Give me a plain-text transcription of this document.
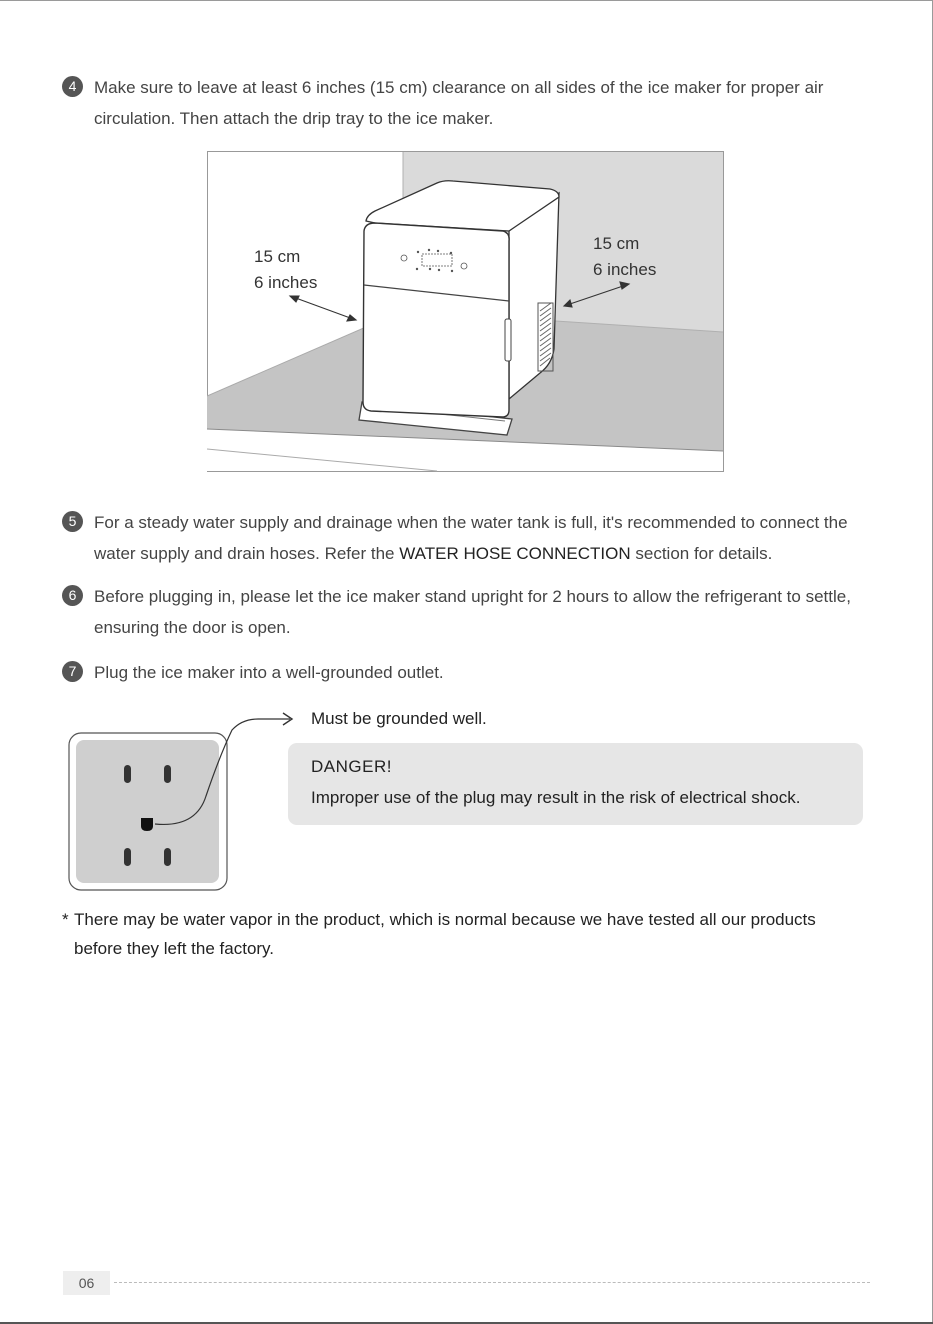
4	Make sure to leave at least 6 inches (15 cm) clearance on all sides of the ice maker for proper air circulation. Then attach the drip tray to the ice maker.

15 cm

6 inches

15 cm

6 inches

5	For a steady water supply and drainage when the water tank is full, it's recommended to connect the water supply and drain hoses. Refer the WATER HOSE CONNECTION section for details.

6	Before plugging in, please let the ice maker stand upright for 2 hours to allow the refrigerant to settle, ensuring the door is open.

7	Plug the ice maker into a well-grounded outlet.

Must be grounded well.

DANGER!

Improper use of the plug may result in the risk of electrical shock.

* There may be water vapor in the product, which is normal because we have tested all our products before they left the factory.

06
